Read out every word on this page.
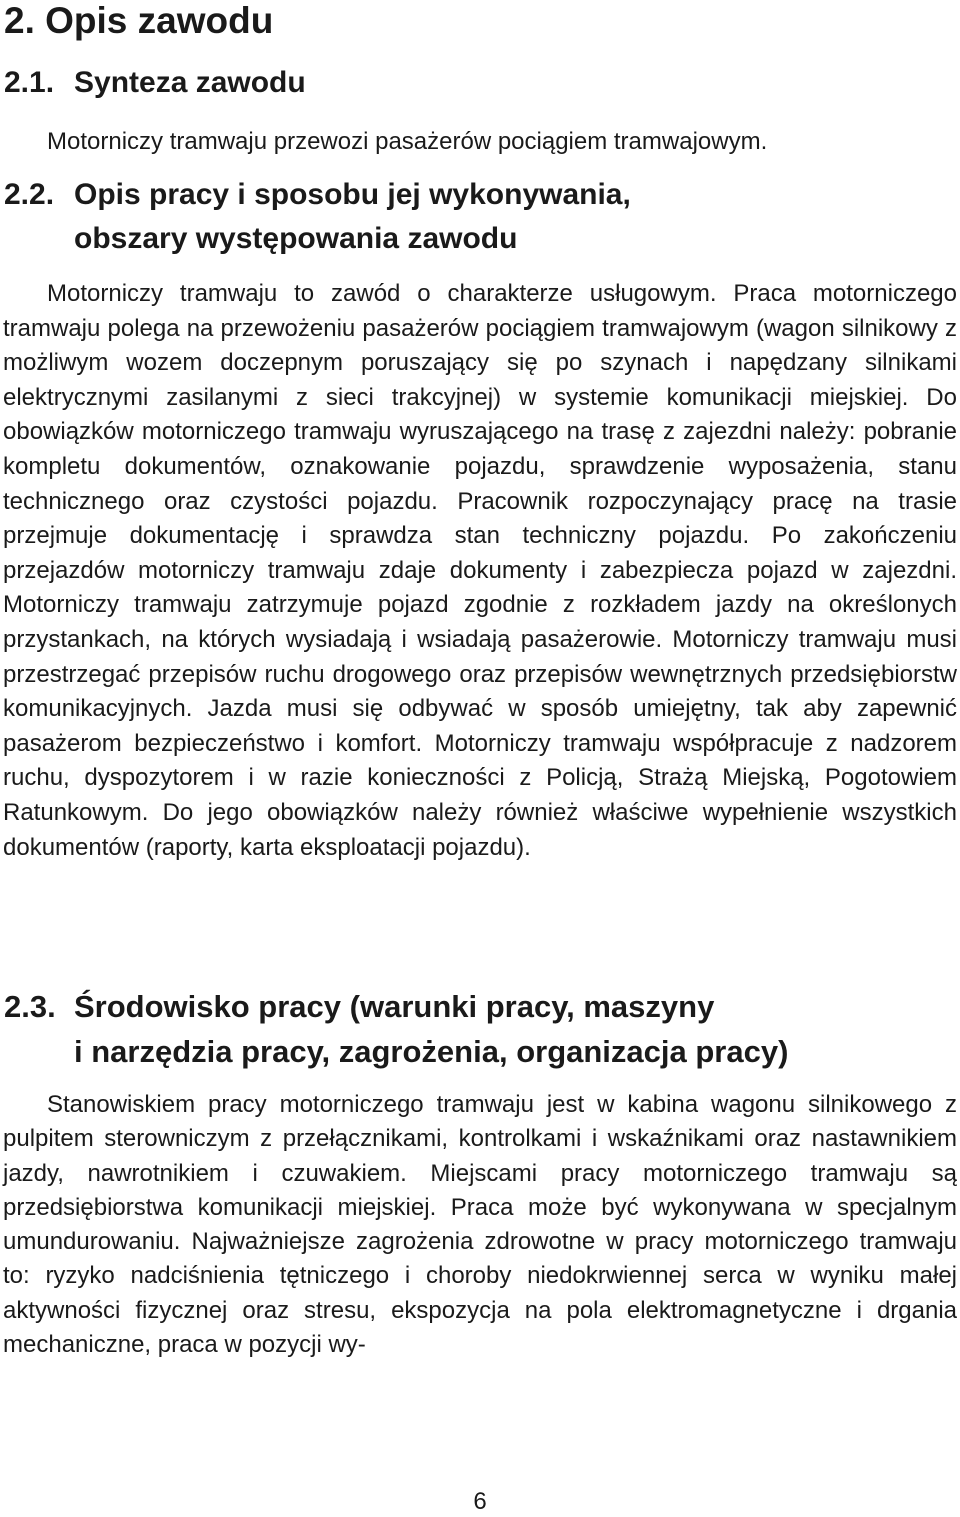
2. Opis zawodu
2.1. Synteza zawodu
Motorniczy tramwaju przewozi pasażerów pociągiem tramwajowym.
2.2. Opis pracy i sposobu jej wykonywania,
obszary występowania zawodu
Motorniczy tramwaju to zawód o charakterze usługowym. Praca motorniczego tramwaju polega na przewożeniu pasażerów pociągiem tramwajowym (wagon silnikowy z możliwym wozem doczepnym poruszający się po szynach i napędzany silnikami elektrycznymi zasilanymi z sieci trakcyjnej) w systemie komunikacji miejskiej. Do obowiązków motorniczego tramwaju wyruszającego na trasę z zajezdni należy: pobranie kompletu dokumentów, oznakowanie pojazdu, sprawdzenie wyposażenia, stanu technicznego oraz czystości pojazdu. Pracownik rozpoczynający pracę na trasie przejmuje dokumentację i sprawdza stan techniczny pojazdu. Po zakończeniu przejazdów motorniczy tramwaju zdaje dokumenty i zabezpiecza pojazd w zajezdni. Motorniczy tramwaju zatrzymuje pojazd zgodnie z rozkładem jazdy na określonych przystankach, na których wysiadają i wsiadają pasażerowie. Motorniczy tramwaju musi przestrzegać przepisów ruchu drogowego oraz przepisów wewnętrznych przedsiębiorstw komunikacyjnych. Jazda musi się odbywać w sposób umiejętny, tak aby zapewnić pasażerom bezpieczeństwo i komfort. Motorniczy tramwaju współpracuje z nadzorem ruchu, dyspozytorem i w razie konieczności z Policją, Strażą Miejską, Pogotowiem Ratunkowym. Do jego obowiązków należy również właściwe wypełnienie wszystkich dokumentów (raporty, karta eksploatacji pojazdu).
2.3. Środowisko pracy (warunki pracy, maszyny
i narzędzia pracy, zagrożenia, organizacja pracy)
Stanowiskiem pracy motorniczego tramwaju jest w kabina wagonu silnikowego z pulpitem sterowniczym z przełącznikami, kontrolkami i wskaźnikami oraz nastawnikiem jazdy, nawrotnikiem i czuwakiem. Miejscami pracy motorniczego tramwaju są przedsiębiorstwa komunikacji miejskiej. Praca może być wykonywana w specjalnym umundurowaniu. Najważniejsze zagrożenia zdrowotne w pracy motorniczego tramwaju to: ryzyko nadciśnienia tętniczego i choroby niedokrwiennej serca w wyniku małej aktywności fizycznej oraz stresu, ekspozycja na pola elektromagnetyczne i drgania mechaniczne, praca w pozycji wy-
6
